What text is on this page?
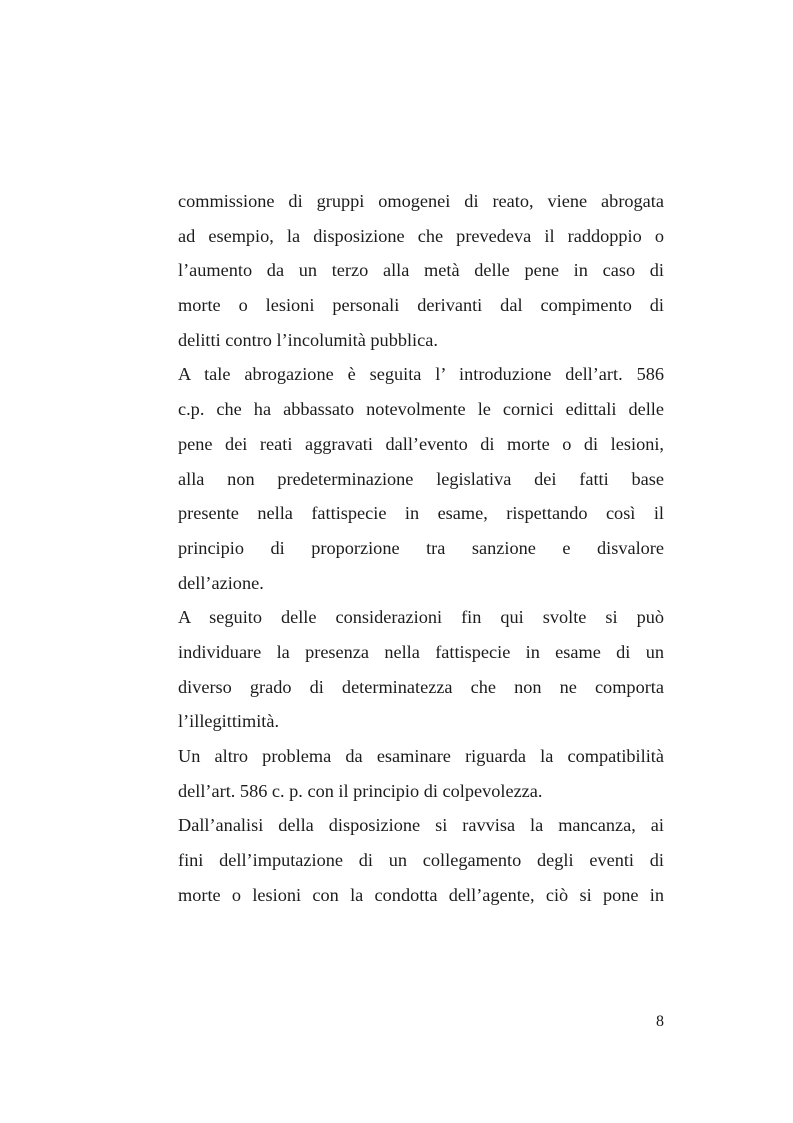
commissione di gruppi omogenei di reato, viene abrogata
ad esempio, la disposizione che prevedeva il raddoppio o
l’aumento da un terzo alla metà delle pene in caso di
morte o lesioni personali derivanti dal compimento di
delitti contro l’incolumità pubblica.
A tale abrogazione è seguita l’ introduzione dell’art. 586
c.p. che ha abbassato notevolmente le cornici edittali delle
pene dei reati aggravati dall’evento di morte o di lesioni,
alla non predeterminazione legislativa dei fatti base
presente nella fattispecie in esame, rispettando così il
principio di proporzione tra sanzione e disvalore
dell’azione.
A seguito delle considerazioni fin qui svolte si può
individuare la presenza nella fattispecie in esame di un
diverso grado di determinatezza che non ne comporta
l’illegittimità.
Un altro problema da esaminare riguarda la compatibilità
dell’art. 586 c. p. con il principio di colpevolezza.
Dall’analisi della disposizione si ravvisa la mancanza, ai
fini dell’imputazione di un collegamento degli eventi di
morte o lesioni con la condotta dell’agente, ciò si pone in
8
